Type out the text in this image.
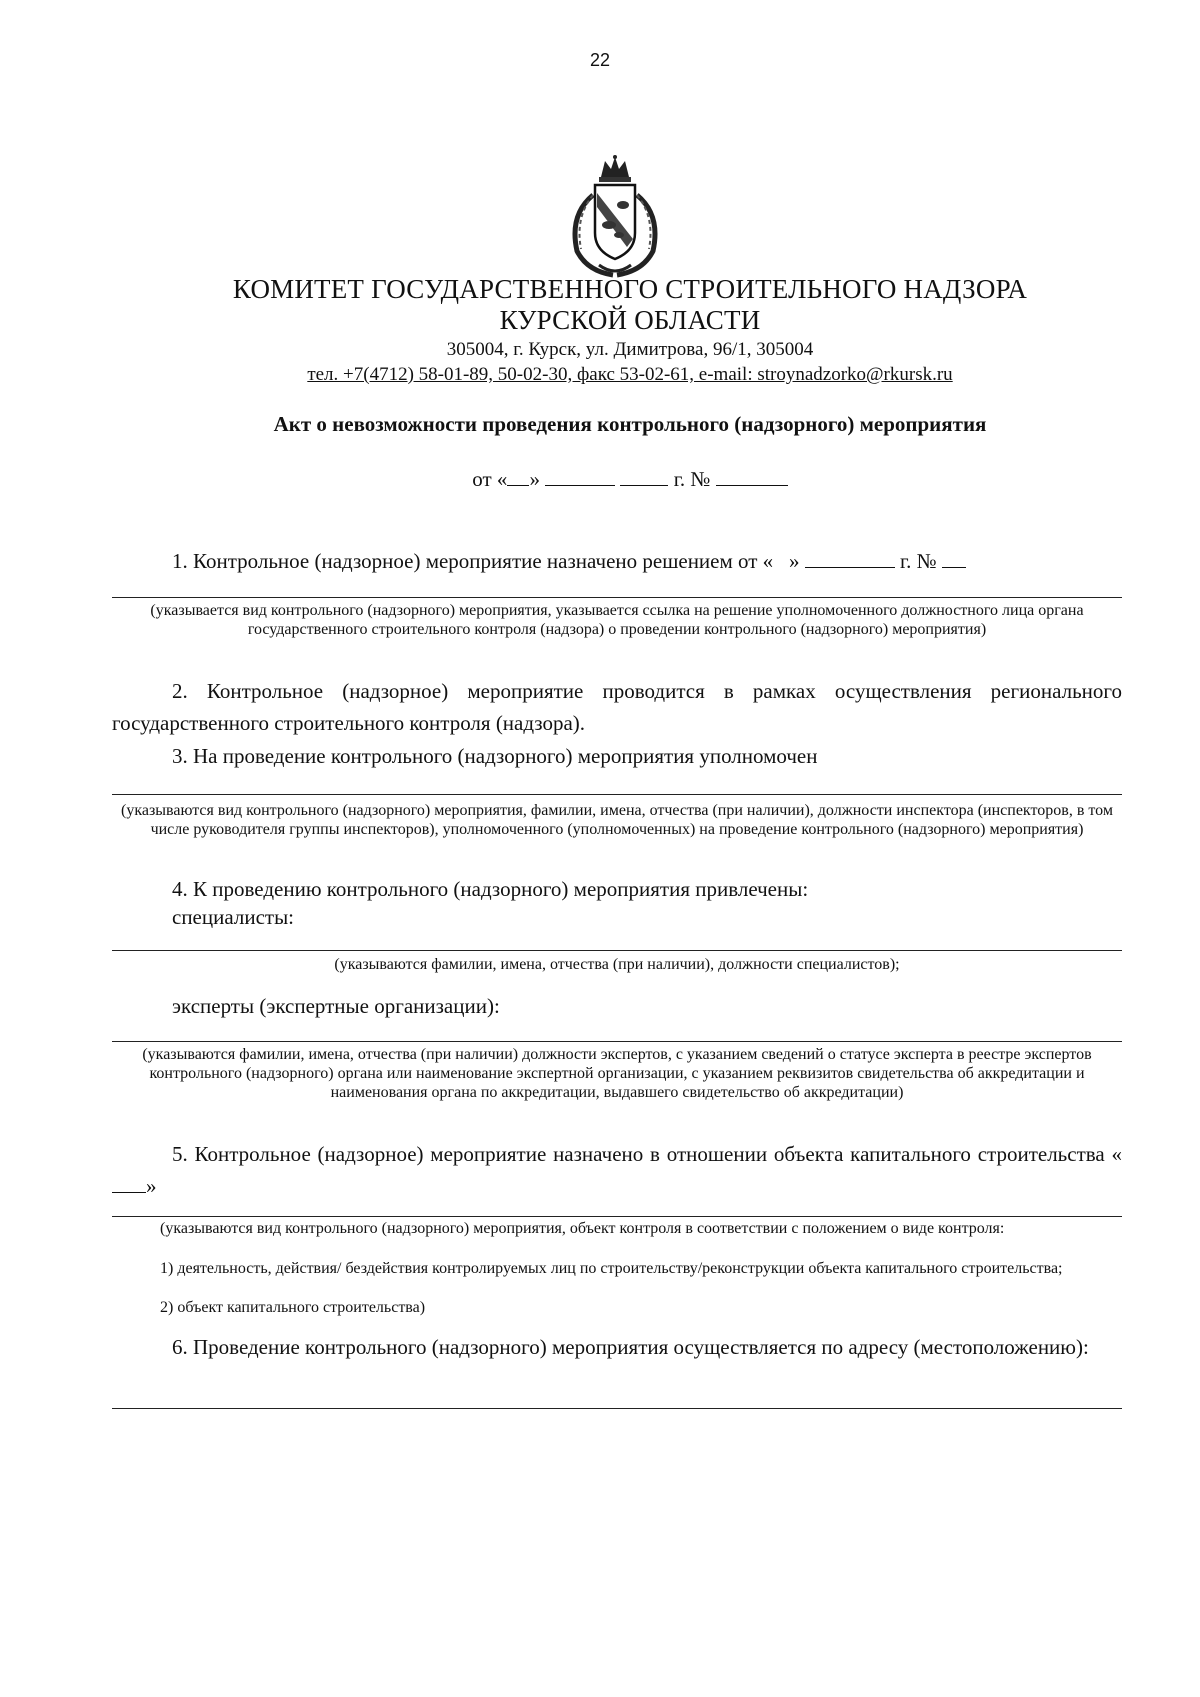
22
КОМИТЕТ ГОСУДАРСТВЕННОГО СТРОИТЕЛЬНОГО НАДЗОРА
КУРСКОЙ ОБЛАСТИ
305004, г. Курск, ул. Димитрова, 96/1, 305004
тел. +7(4712) 58-01-89, 50-02-30, факс 53-02-61, e-mail: stroynadzorko@rkursk.ru
Акт о невозможности проведения контрольного (надзорного) мероприятия
от « »	г. №
1. Контрольное (надзорное) мероприятие назначено решением от « »	г. №
(указывается вид контрольного (надзорного) мероприятия, указывается ссылка на решение уполномоченного должностного лица органа государственного строительного контроля (надзора) о проведении контрольного (надзорного) мероприятия)
2. Контрольное (надзорное) мероприятие проводится в рамках осуществления регионального государственного строительного контроля (надзора).
3. На проведение контрольного (надзорного) мероприятия уполномочен
(указываются вид контрольного (надзорного) мероприятия, фамилии, имена, отчества (при наличии), должности инспектора (инспекторов, в том числе руководителя группы инспекторов), уполномоченного (уполномоченных) на проведение контрольного (надзорного) мероприятия)
4. К проведению контрольного (надзорного) мероприятия привлечены:
специалисты:
(указываются фамилии, имена, отчества (при наличии), должности специалистов);
эксперты (экспертные организации):
(указываются фамилии, имена, отчества (при наличии) должности экспертов, с указанием сведений о статусе эксперта в реестре экспертов контрольного (надзорного) органа или наименование экспертной организации, с указанием реквизитов свидетельства об аккредитации и наименования органа по аккредитации, выдавшего свидетельство об аккредитации)
5. Контрольное (надзорное) мероприятие назначено в отношении объекта капитального строительства «»
(указываются вид контрольного (надзорного) мероприятия, объект контроля в соответствии с положением о виде контроля:
1) деятельность, действия/ бездействия контролируемых лиц по строительству/реконструкции объекта капитального строительства;
2) объект капитального строительства)
6. Проведение контрольного (надзорного) мероприятия осуществляется по адресу (местоположению):
